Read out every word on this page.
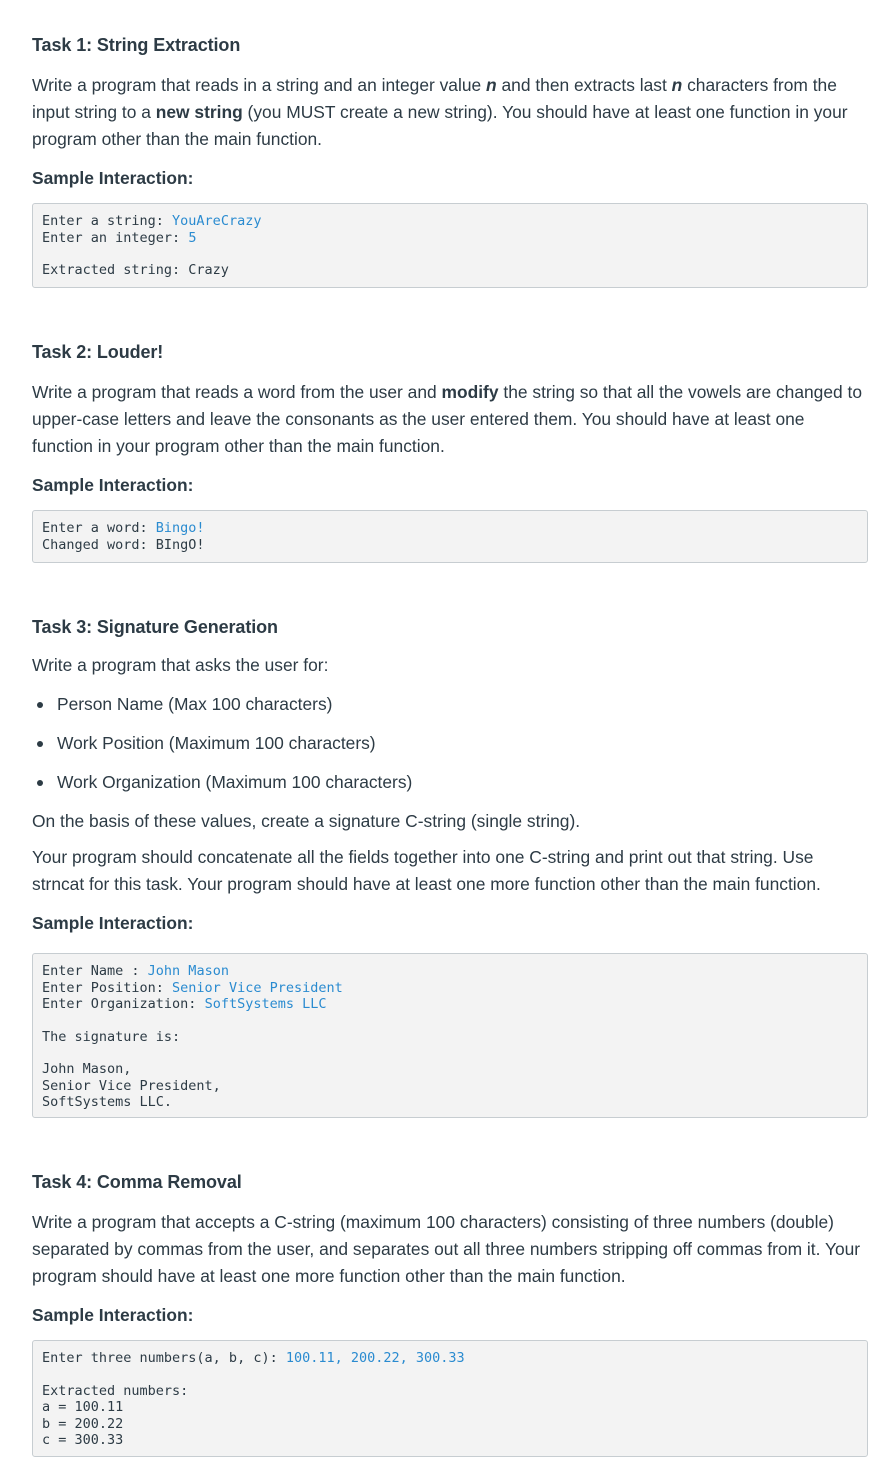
Task 1: String Extraction

Write a program that reads in a string and an integer value n and then extracts last n characters from the input string to a new string (you MUST create a new string). You should have at least one function in your program other than the main function.

Sample Interaction:
Enter a string: YouAreCrazy
Enter an integer: 5
Extracted string: Crazy
Task 2: Louder!

Write a program that reads a word from the user and modify the string so that all the vowels are changed to upper-case letters and leave the consonants as the user entered them. You should have at least one function in your program other than the main function.

Sample Interaction:
Enter a word: Bingo!
Changed word: BIngO!
Task 3: Signature Generation

Write a program that asks the user for:

Person Name (Max 100 characters)
Work Position (Maximum 100 characters)
Work Organization (Maximum 100 characters)

On the basis of these values, create a signature C-string (single string).

Your program should concatenate all the fields together into one C-string and print out that string. Use strncat for this task. Your program should have at least one more function other than the main function.

Sample Interaction:
Enter Name : John Mason
Enter Position: Senior Vice President
Enter Organization: SoftSystems LLC
The signature is:
John Mason,
Senior Vice President,
SoftSystems LLC.
Task 4: Comma Removal

Write a program that accepts a C-string (maximum 100 characters) consisting of three numbers (double) separated by commas from the user, and separates out all three numbers stripping off commas from it. Your program should have at least one more function other than the main function.

Sample Interaction:
Enter three numbers(a, b, c): 100.11, 200.22, 300.33
Extracted numbers:
a = 100.11
b = 200.22
c = 300.33
